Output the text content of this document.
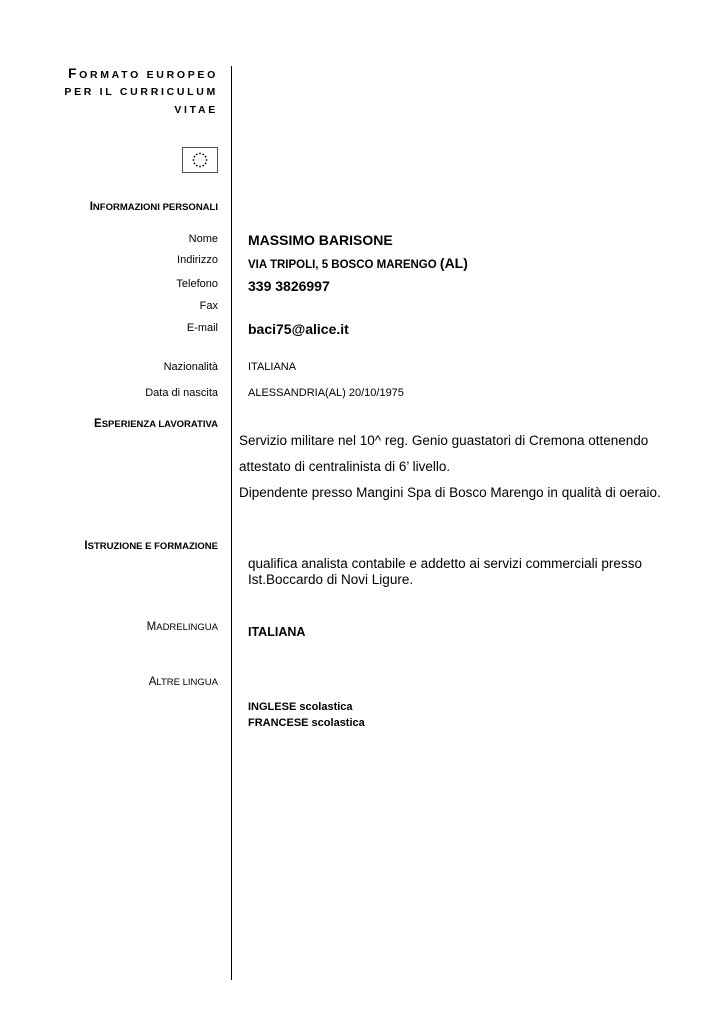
FORMATO EUROPEO
PER IL CURRICULUM
VITAE
INFORMAZIONI PERSONALI
Nome MASSIMO BARISONE
Indirizzo	VIA TRIPOLI, 5 BOSCO MARENGO (AL)
Telefono 339 3826997
Fax
E-mail baci75@alice.it
Nazionalità	ITALIANA
Data di nascita	ALESSANDRIA(AL) 20/10/1975
ESPERIENZA LAVORATIVA
Servizio militare nel 10^ reg. Genio guastatori di Cremona ottenendo
attestato di centralinista di 6’ livello.
Dipendente presso Mangini Spa di Bosco Marengo in qualità di oeraio.
ISTRUZIONE E FORMAZIONE
qualifica analista contabile e addetto ai servizi commerciali presso Ist.Boccardo di Novi Ligure.
MADRELINGUA ITALIANA
ALTRE LINGUA
INGLESE scolastica
FRANCESE scolastica
